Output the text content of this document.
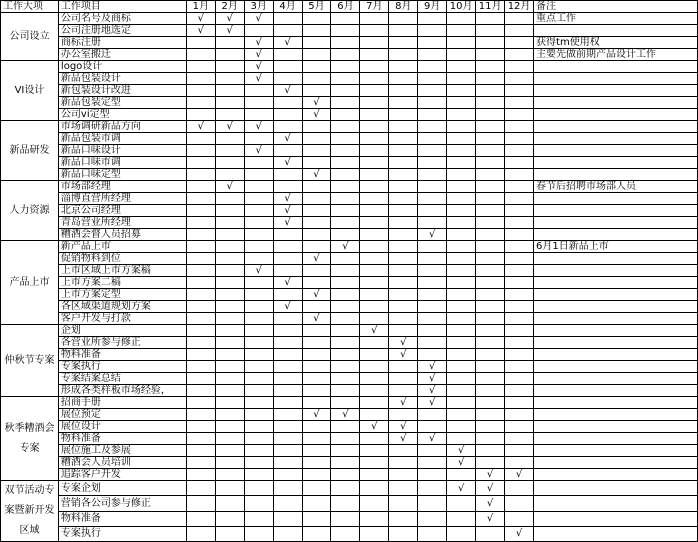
工作大项	工作项目	1月	2月	3月	4月	5月	6月	7月	8月	9月	10月	11月	12月	备注
公司设立	公司名号及商标	√	√	√										重点工作
	公司注册地选定	√	√											
	商标注册			√	√									获得tm使用权
	办公室搬迁			√										主要先做前期产品设计工作
VI设计	logo设计			√										
	新品包装设计			√										
	新包装设计改进				√									
	新品包装定型					√								
	公司vi定型					√								
新品研发	市场调研新品方向	√	√	√										
	新品包装市调				√									
	新品口味设计			√										
	新品口味市调				√									
	新品口味定型					√								
人力资源	市场部经理		√											春节后招聘市场部人员
	淄博直营所经理				√									
	北京公司经理				√									
	青岛营业所经理				√									
	糟酒会督人员招募									√				
产品上市	新产品上市						√							6月1日新品上市
	促销物料到位					√								
	上市区域上市方案稿			√										
	上市方案二稿				√									
	上市方案定型					√								
	各区域渠道规划方案				√									
	客户开发与打款					√								
仲秋节专案	企划							√						
	各营业所参与修正								√					
	物料准备								√					
	专案执行									√				
	专案结案总结									√				
	形成各类样板市场经验，									√				
秋季糟酒会专案	招商手册								√	√				
	展位预定					√	√							
	展位设计							√	√					
	物料准备								√	√				
	展位施工及参展										√			
	糟酒会人员培训										√			
	追踪客户开发											√	√	
双节活动专案暨新开发区域	专案企划										√	√		
	营销各公司参与修正											√		
	物料准备											√		
	专案执行												√	
